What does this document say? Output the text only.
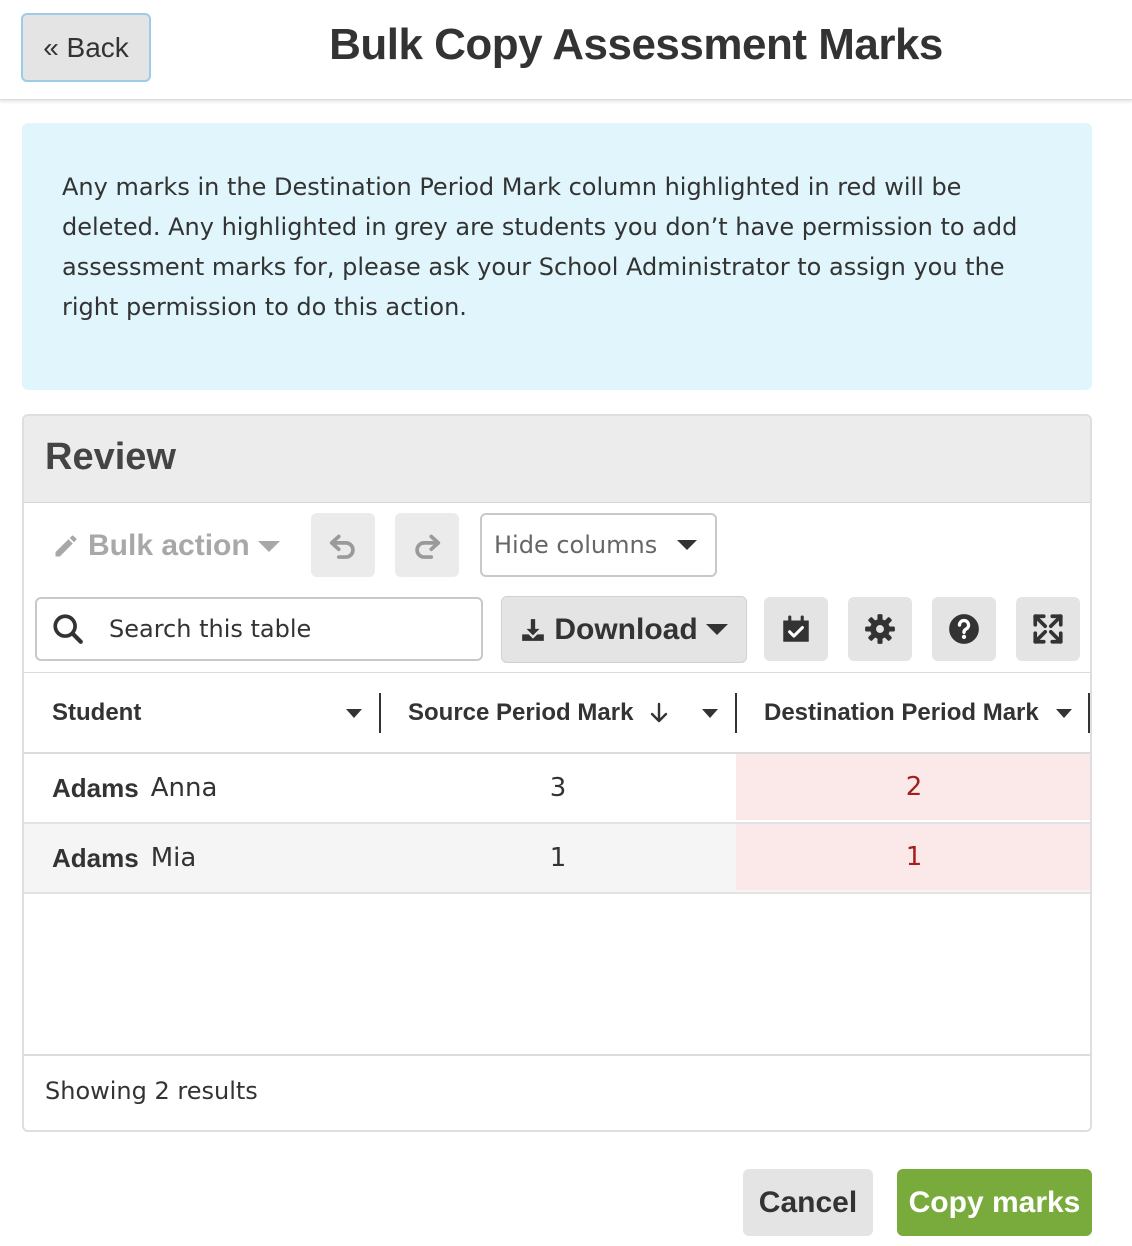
« Back	Bulk Copy Assessment Marks

Any marks in the Destination Period Mark column highlighted in red will be deleted. Any highlighted in grey are students you don’t have permission to add assessment marks for, please ask your School Administrator to assign you the right permission to do this action.

Review
Bulk action	Hide columns
Search this table
Download
Student	Source Period Mark	Destination Period Mark
Adams Anna	3	2
Adams Mia	1	1
Showing 2 results
Cancel	Copy marks
